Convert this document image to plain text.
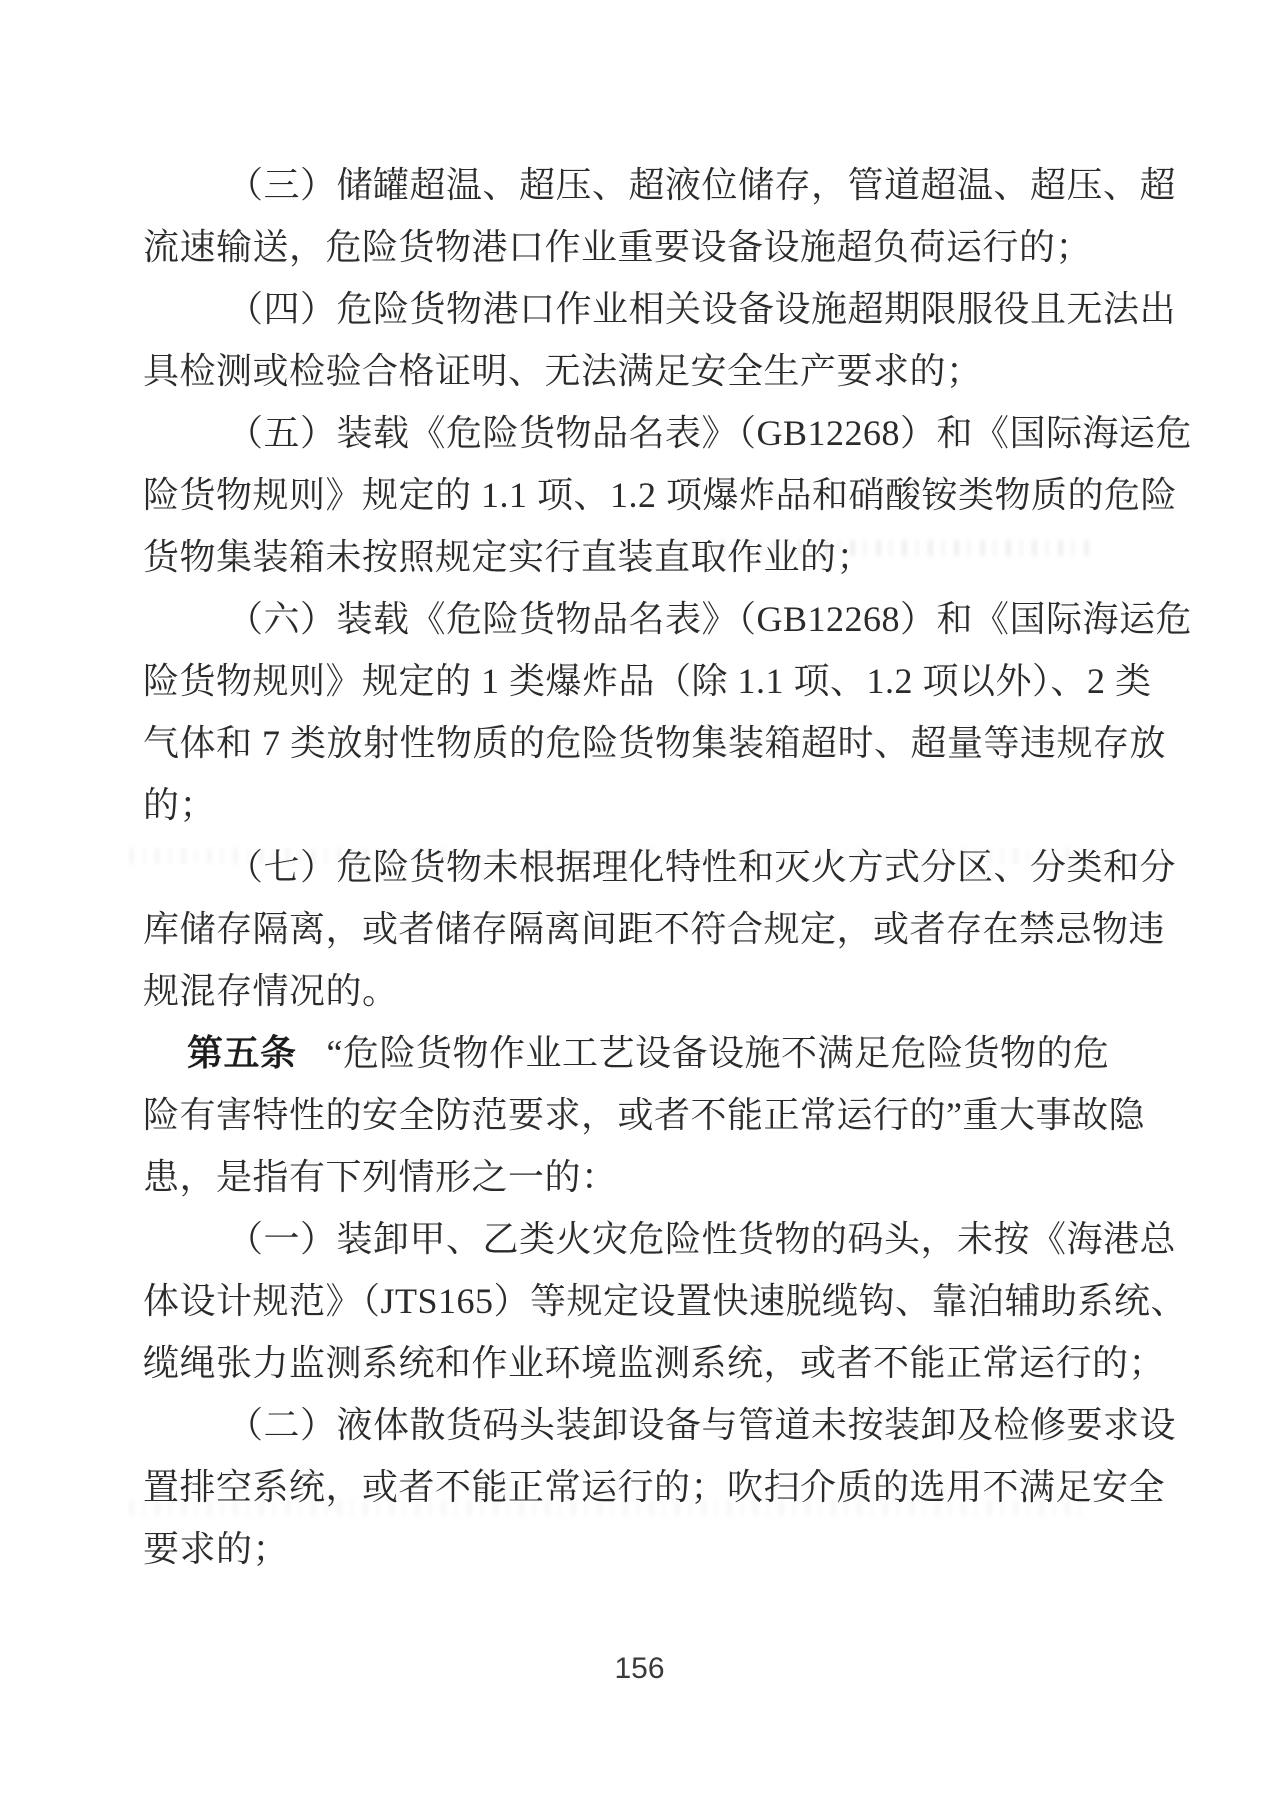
（三）储罐超温、超压、超液位储存，管道超温、超压、超
流速输送，危险货物港口作业重要设备设施超负荷运行的；
（四）危险货物港口作业相关设备设施超期限服役且无法出
具检测或检验合格证明、无法满足安全生产要求的；
（五）装载《危险货物品名表》（GB12268）和《国际海运危
险货物规则》规定的 1.1 项、1.2 项爆炸品和硝酸铵类物质的危险
货物集装箱未按照规定实行直装直取作业的；
（六）装载《危险货物品名表》（GB12268）和《国际海运危
险货物规则》规定的 1 类爆炸品（除 1.1 项、1.2 项以外）、2 类
气体和 7 类放射性物质的危险货物集装箱超时、超量等违规存放
的；
（七）危险货物未根据理化特性和灭火方式分区、分类和分
库储存隔离，或者储存隔离间距不符合规定，或者存在禁忌物违
规混存情况的。
第五条 “危险货物作业工艺设备设施不满足危险货物的危
险有害特性的安全防范要求，或者不能正常运行的”重大事故隐
患，是指有下列情形之一的：
（一）装卸甲、乙类火灾危险性货物的码头，未按《海港总
体设计规范》（JTS165）等规定设置快速脱缆钩、靠泊辅助系统、
缆绳张力监测系统和作业环境监测系统，或者不能正常运行的；
（二）液体散货码头装卸设备与管道未按装卸及检修要求设
置排空系统，或者不能正常运行的；吹扫介质的选用不满足安全
要求的；
156
